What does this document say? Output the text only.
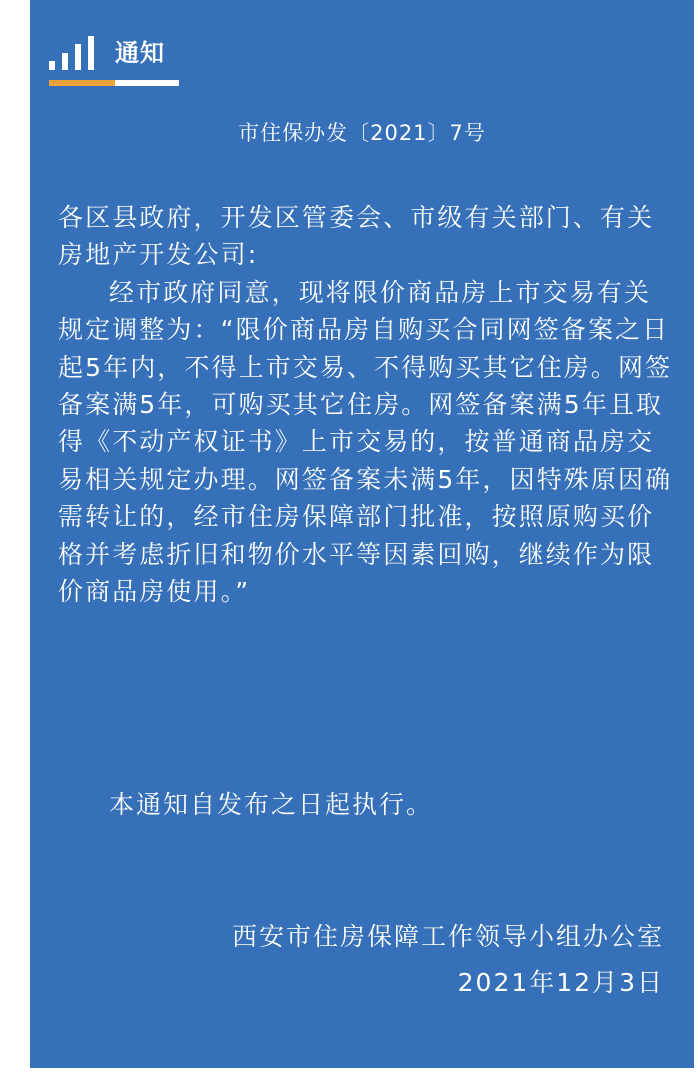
通知
市住保办发〔2021〕7号

各区县政府，开发区管委会、市级有关部门、有关房地产开发公司:

经市政府同意，现将限价商品房上市交易有关规定调整为：“限价商品房自购买合同网签备案之日起5年内，不得上市交易、不得购买其它住房。网签备案满5年，可购买其它住房。网签备案满5年且取得《不动产权证书》上市交易的，按普通商品房交易相关规定办理。网签备案未满5年，因特殊原因确需转让的，经市住房保障部门批准，按照原购买价格并考虑折旧和物价水平等因素回购，继续作为限价商品房使用。”

本通知自发布之日起执行。
西安市住房保障工作领导小组办公室
2021年12月3日
